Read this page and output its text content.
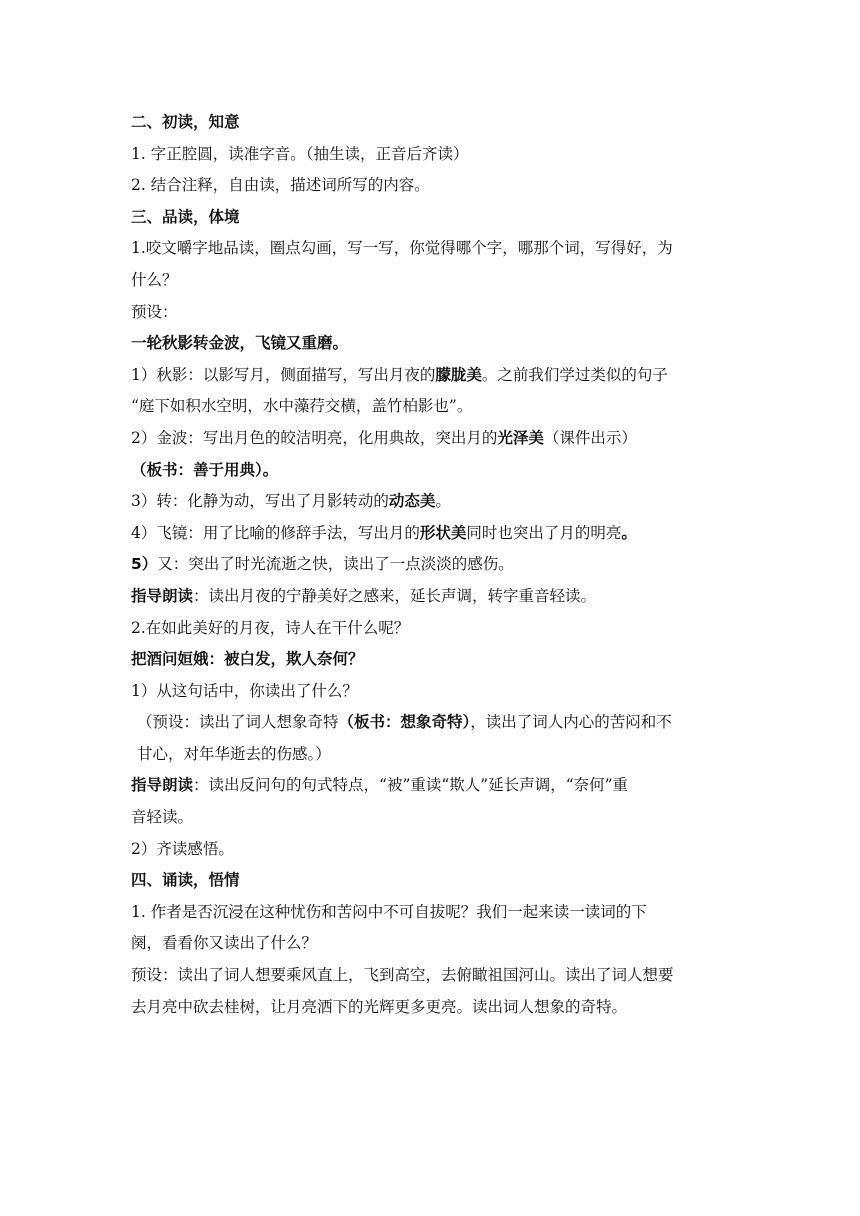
二、初读，知意
1. 字正腔圆，读准字音。（抽生读，正音后齐读）
2. 结合注释，自由读，描述词所写的内容。
三、品读，体境
1.咬文嚼字地品读，圈点勾画，写一写，你觉得哪个字，哪那个词，写得好，为
什么？
预设：
一轮秋影转金波，飞镜又重磨。
1）秋影：以影写月，侧面描写，写出月夜的朦胧美。之前我们学过类似的句子
“庭下如积水空明，水中藻荇交横，盖竹柏影也”。
2）金波：写出月色的皎洁明亮，化用典故，突出月的光泽美（课件出示）
（板书：善于用典）。
3）转：化静为动，写出了月影转动的动态美。
4）飞镜：用了比喻的修辞手法，写出月的形状美同时也突出了月的明亮。
5）又：突出了时光流逝之快，读出了一点淡淡的感伤。
指导朗读：读出月夜的宁静美好之感来，延长声调，转字重音轻读。
2.在如此美好的月夜，诗人在干什么呢？
把酒问姮娥：被白发，欺人奈何？
1）从这句话中，你读出了什么？
（预设：读出了词人想象奇特（板书：想象奇特），读出了词人内心的苦闷和不
甘心，对年华逝去的伤感。）
指导朗读：读出反问句的句式特点，“被”重读“欺人”延长声调，“奈何”重
音轻读。
2）齐读感悟。
四、诵读，悟情
1. 作者是否沉浸在这种忧伤和苦闷中不可自拔呢？我们一起来读一读词的下
阕，看看你又读出了什么？
预设：读出了词人想要乘风直上，飞到高空，去俯瞰祖国河山。读出了词人想要
去月亮中砍去桂树，让月亮洒下的光辉更多更亮。读出词人想象的奇特。
